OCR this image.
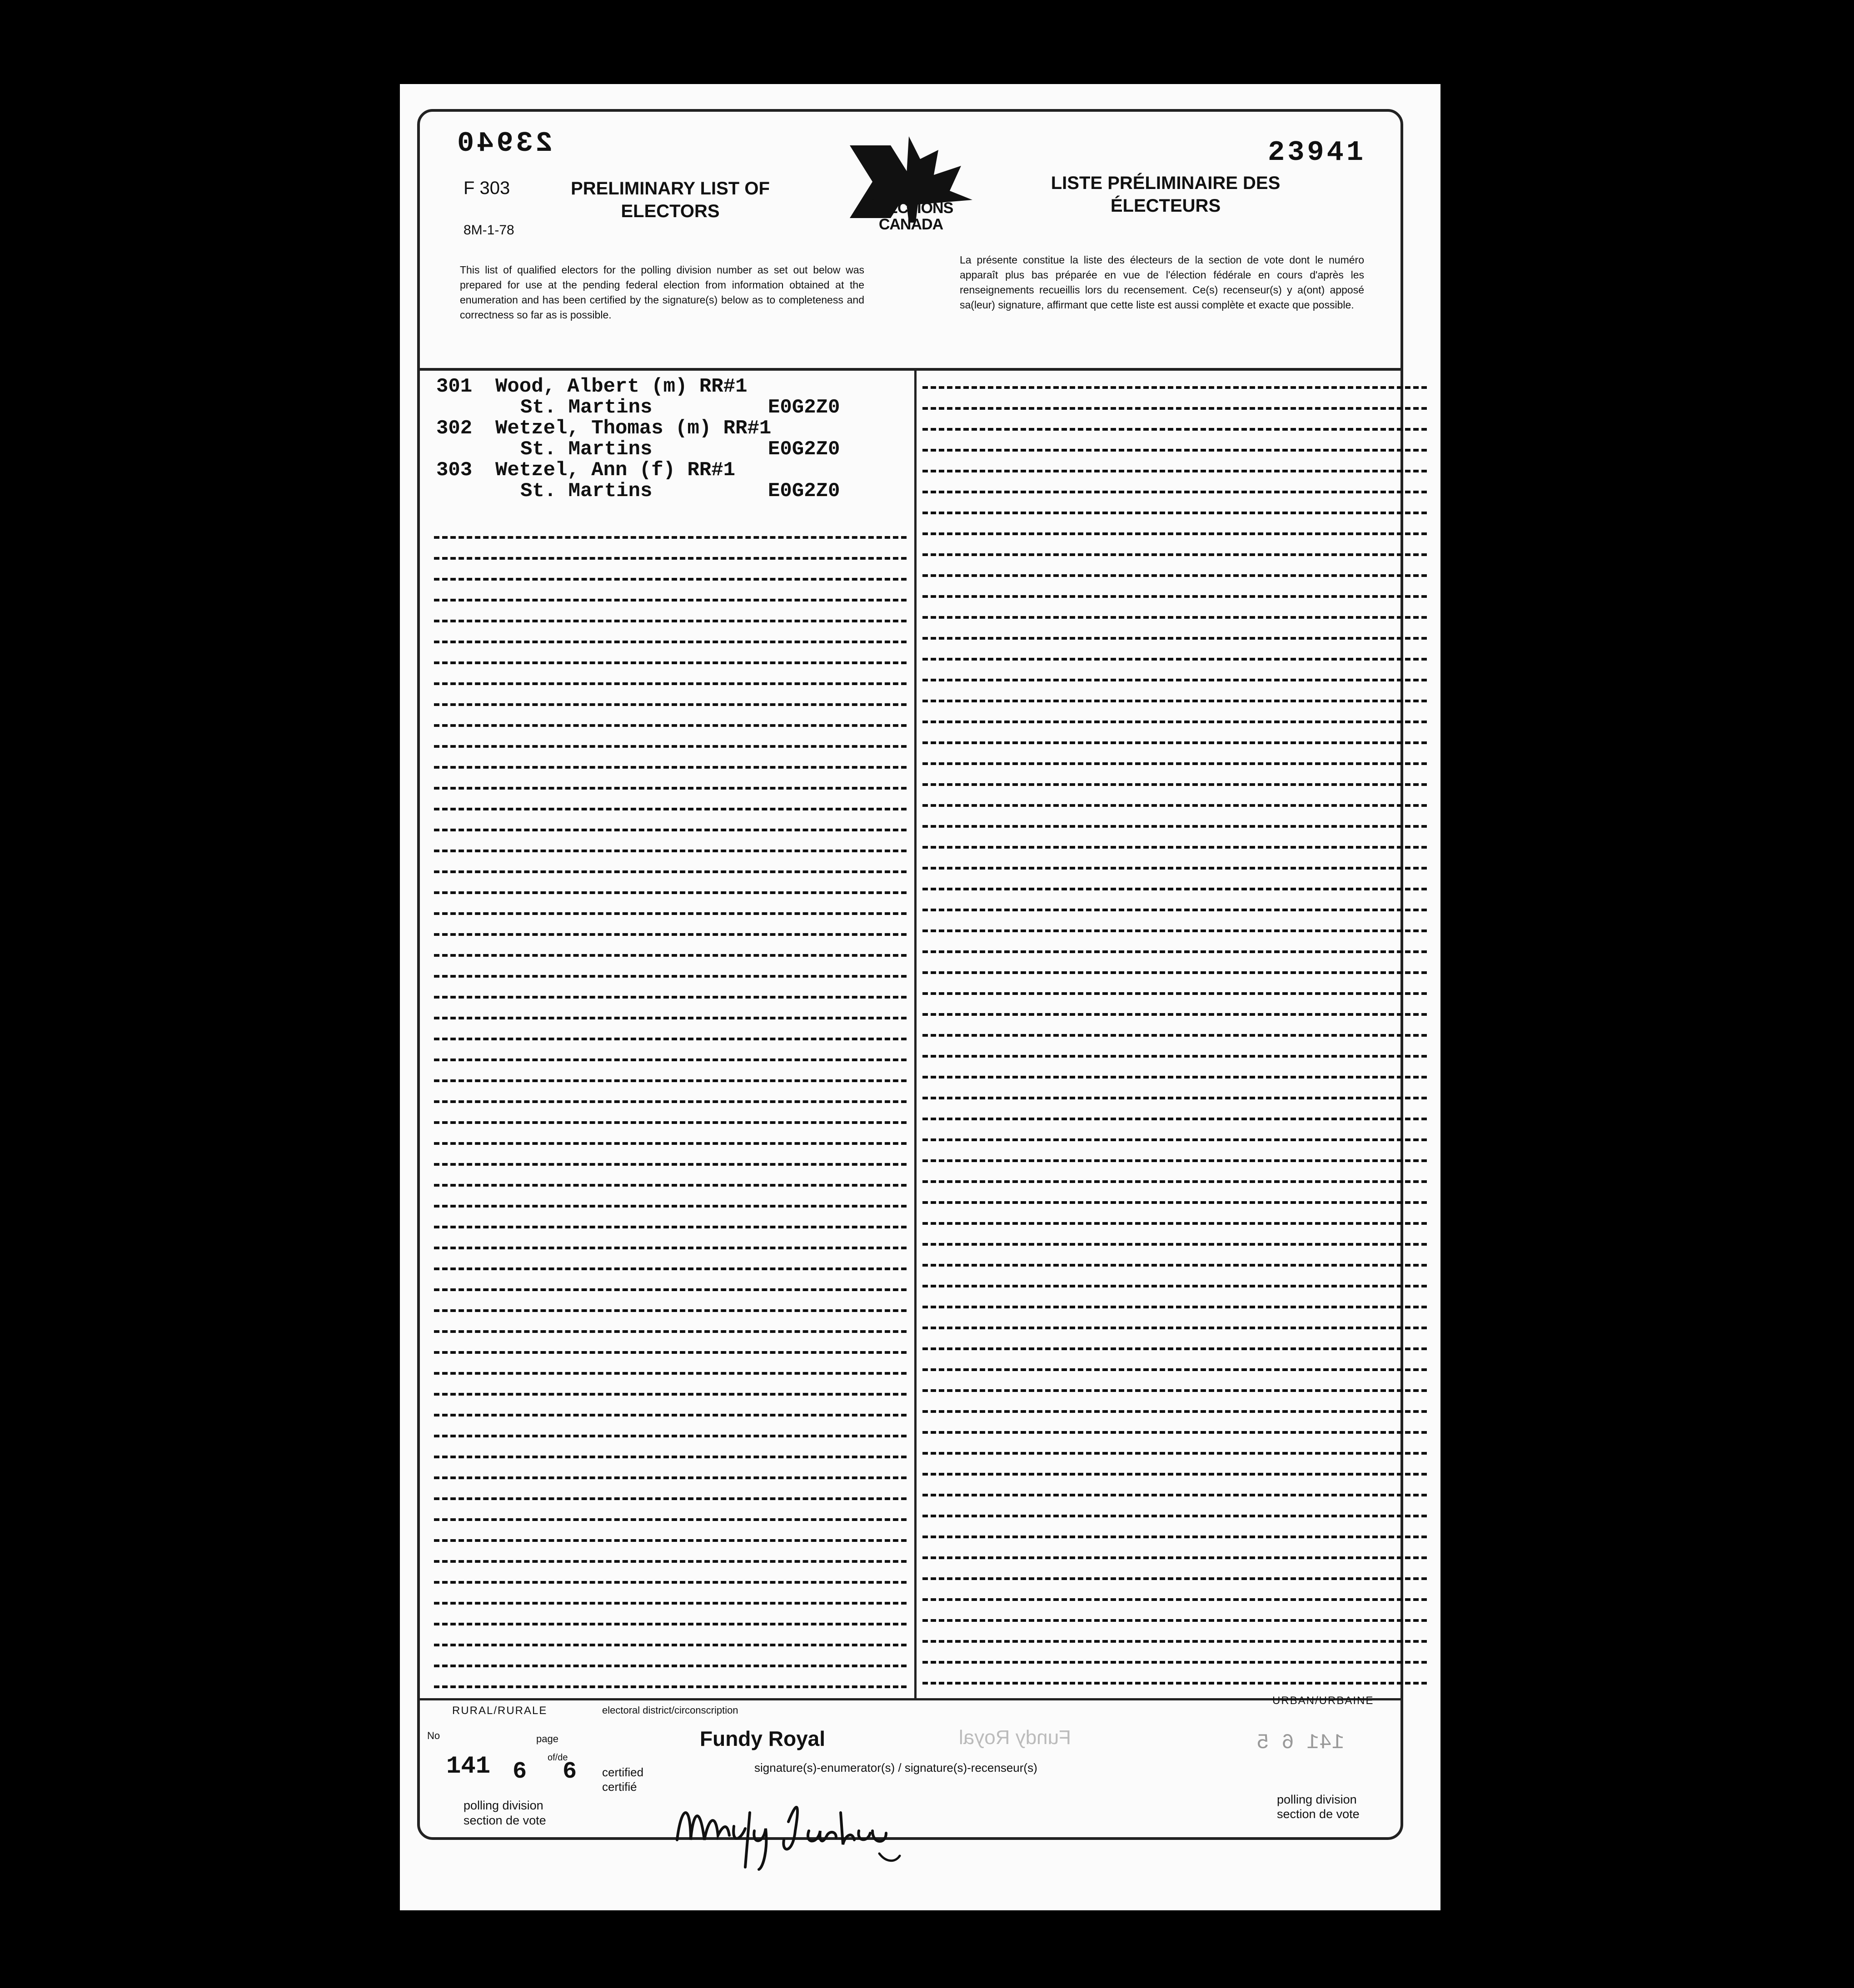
23940
F 303
8M-1-78
PRELIMINARY LIST OF
ELECTORS	ELECTIONS
CANADA
LISTE PRÉLIMINAIRE DES
ÉLECTEURS
23941
This list of qualified electors for the polling division number as set out below was prepared for use at the pending federal election from information obtained at the enumeration and has been certified by the signature(s) below as to completeness and correctness so far as is possible.
La présente constitue la liste des électeurs de la section de vote dont le numéro apparaît plus bas préparée en vue de l'élection fédérale en cours d'après les renseignements recueillis lors du recensement. Ce(s) recenseur(s) y a(ont) apposé sa(leur) signature, affirmant que cette liste est aussi complète et exacte que possible.

301

Wood, Albert (m) RR#1

St. Martins

	E0G2Z0

302

Wetzel, Thomas (m) RR#1

St. Martins

	E0G2Z0

303

Wetzel, Ann (f) RR#1

St. Martins

	E0G2Z0

RURAL/RURALE	electoral district/circonscription
URBAN/URBAINE
Fundy Royal	Fundy Royal
No	page
141 6
of/de
6 certified
certifié
signature(s)-enumerator(s) / signature(s)-recenseur(s)
polling division
section de vote
polling division
section de vote
141 6 5
